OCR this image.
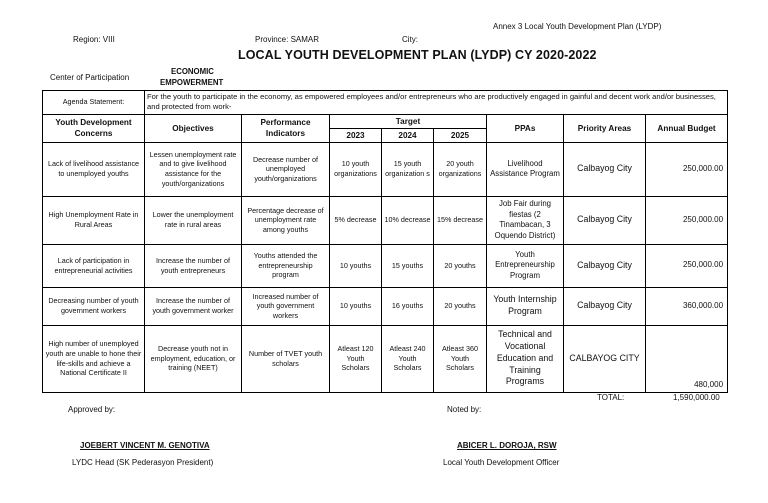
Annex 3 Local Youth Development Plan (LYDP)
Region: VIII	Province: SAMAR	City:
LOCAL YOUTH DEVELOPMENT PLAN (LYDP) CY 2020-2022
Center of Participation
ECONOMIC
EMPOWERMENT
Agenda Statement:	For the youth to participate in the economy, as empowered employees and/or entrepreneurs who are productively engaged in gainful and decent work and/or businesses, and protected from work-							
Youth Development Concerns	Objectives	Performance Indicators	Target			PPAs	Priority Areas	Annual Budget
			2023	2024	2025			
Lack of livelihood assistance to unemployed youths	Lessen unemployment rate and to give livelihood assistance for the youth/organizations	Decrease number of unemployed youth/organizations	10 youth organizations	15 youth organization s	20 youth organizations	Livelihood Assistance Program	Calbayog City	250,000.00
High Unemployment Rate in Rural Areas	Lower the unemployment rate in rural areas	Percentage decrease of unemployment rate among youths	5% decrease	10% decrease	15% decrease	Job Fair during fiestas (2 Tinambacan, 3 Oquendo District)	Calbayog City	250,000.00
Lack of participation in entrepreneurial activities	Increase the number of youth entrepreneurs	Youths attended the entrepreneurship program	10 youths	15 youths	20 youths	Youth Entrepreneurship Program	Calbayog City	250,000.00
Decreasing number of youth government workers	Increase the number of youth government worker	Increased number of youth government workers	10 youths	16 youths	20 youths	Youth Internship Program	Calbayog City	360,000.00
High number of unemployed youth are unable to hone their life-skills and achieve a National Certificate II	Decrease youth not in employment, education, or training (NEET)	Number of TVET youth scholars	Atleast 120 Youth Scholars	Atleast 240 Youth Scholars	Atleast 360 Youth Scholars	Technical and Vocational Education and Training Programs	CALBAYOG CITY	480,000
TOTAL:	1,590,000.00
Approved by:	Noted by:
JOEBERT VINCENT M. GENOTIVA
LYDC Head (SK Pederasyon President)
ABICER L. DOROJA, RSW
Local Youth Development Officer
